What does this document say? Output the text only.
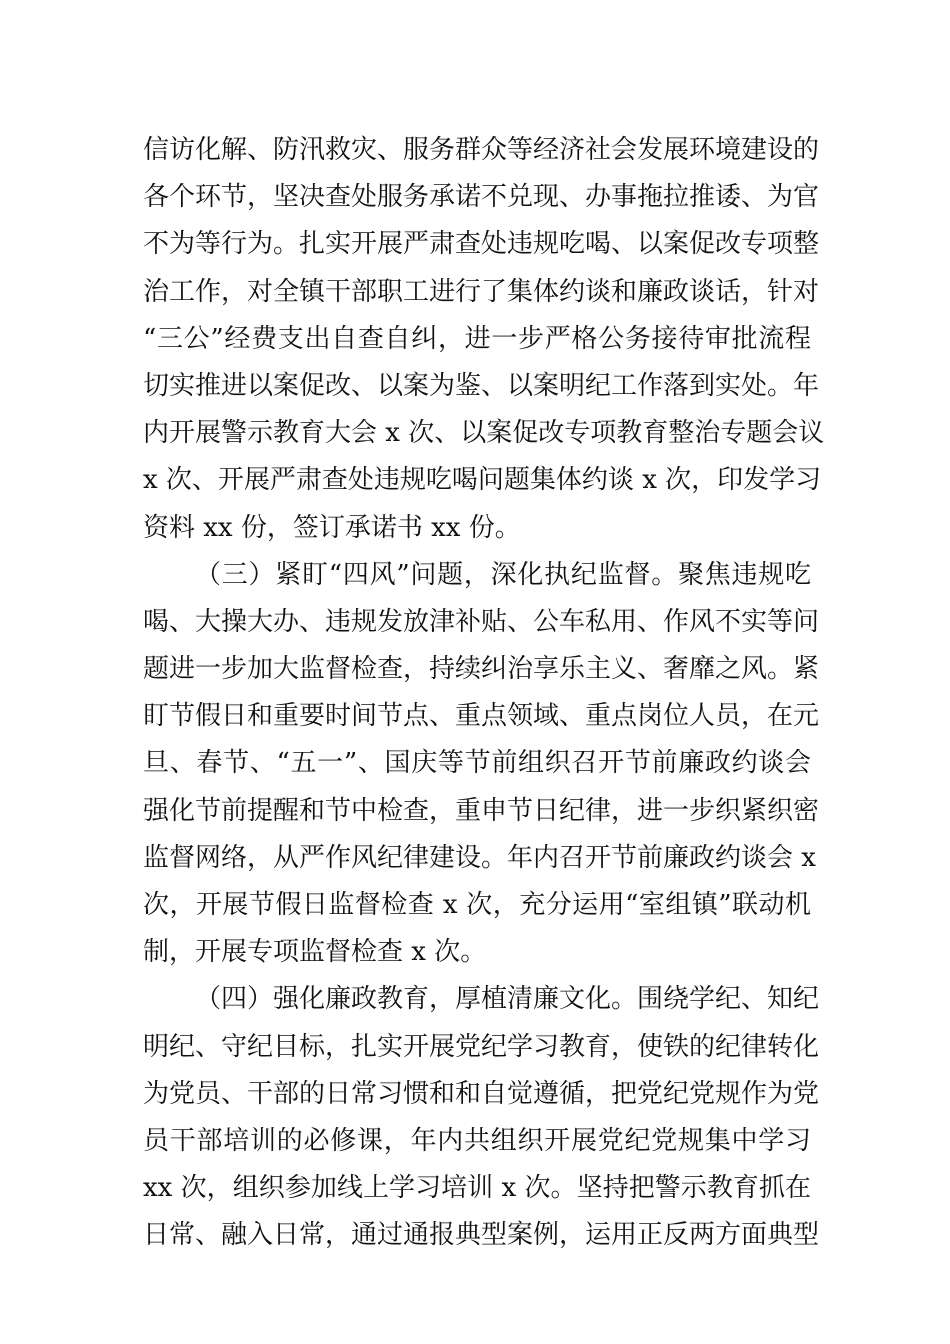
信访化解、防汛救灾、服务群众等经济社会发展环境建设的
各个环节，坚决查处服务承诺不兑现、办事拖拉推诿、为官
不为等行为。扎实开展严肃查处违规吃喝、以案促改专项整
治工作，对全镇干部职工进行了集体约谈和廉政谈话，针对
“三公”经费支出自查自纠，进一步严格公务接待审批流程
切实推进以案促改、以案为鉴、以案明纪工作落到实处。年
内开展警示教育大会 x 次、以案促改专项教育整治专题会议
x 次、开展严肃查处违规吃喝问题集体约谈 x 次，印发学习
资料 xx 份，签订承诺书 xx 份。
（三）紧盯“四风”问题，深化执纪监督。聚焦违规吃
喝、大操大办、违规发放津补贴、公车私用、作风不实等问
题进一步加大监督检查，持续纠治享乐主义、奢靡之风。紧
盯节假日和重要时间节点、重点领域、重点岗位人员，在元
旦、春节、“五一”、国庆等节前组织召开节前廉政约谈会
强化节前提醒和节中检查，重申节日纪律，进一步织紧织密
监督网络，从严作风纪律建设。年内召开节前廉政约谈会 x
次，开展节假日监督检查 x 次，充分运用“室组镇”联动机
制，开展专项监督检查 x 次。
（四）强化廉政教育，厚植清廉文化。围绕学纪、知纪
明纪、守纪目标，扎实开展党纪学习教育，使铁的纪律转化
为党员、干部的日常习惯和和自觉遵循，把党纪党规作为党
员干部培训的必修课，年内共组织开展党纪党规集中学习
xx 次，组织参加线上学习培训 x 次。坚持把警示教育抓在
日常、融入日常，通过通报典型案例，运用正反两方面典型
